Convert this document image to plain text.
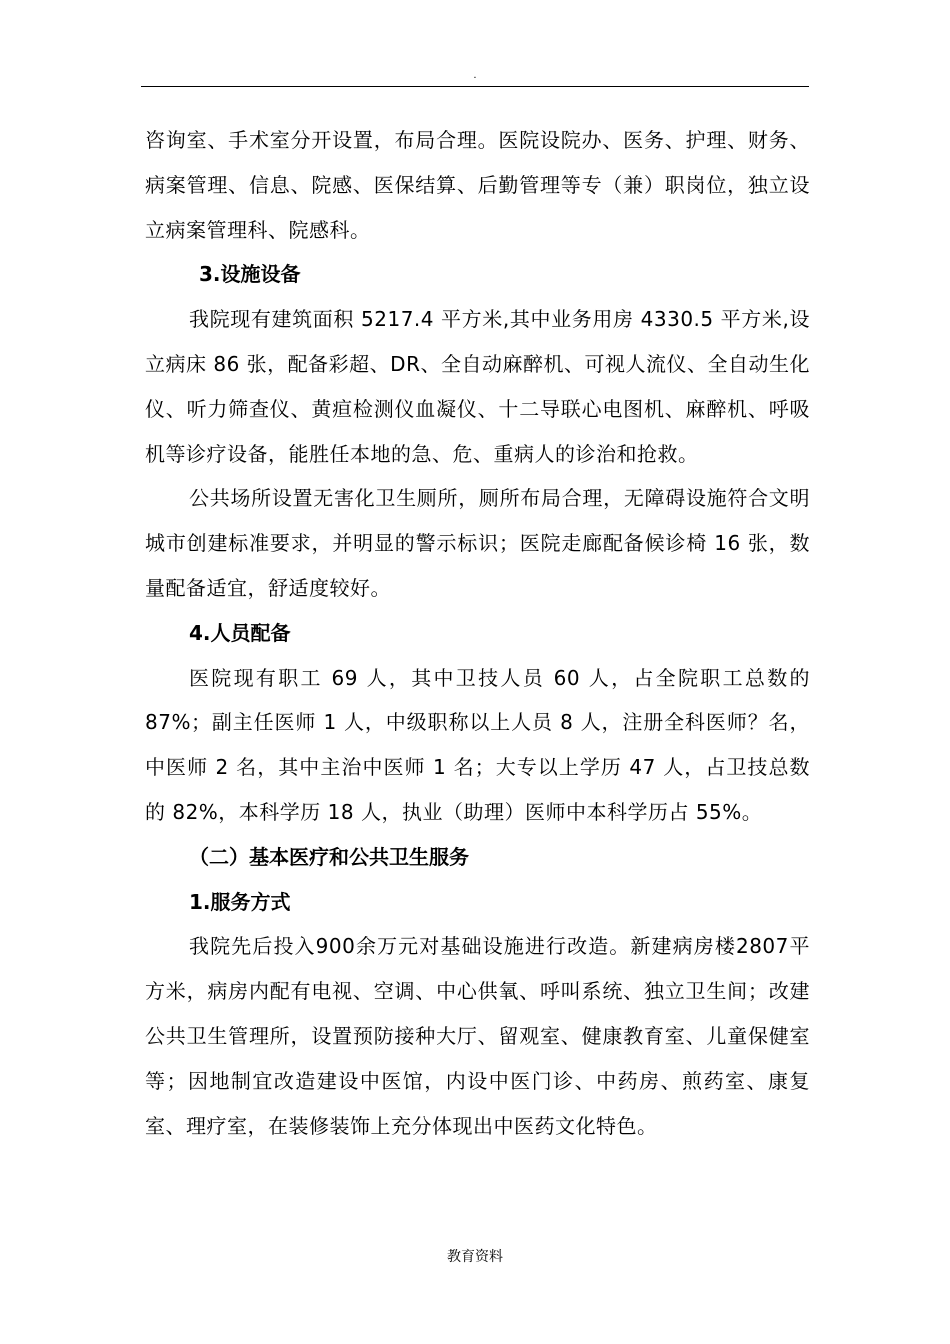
.

咨询室、手术室分开设置，布局合理。医院设院办、医务、护理、财务、病案管理、信息、院感、医保结算、后勤管理等专（兼）职岗位，独立设立病案管理科、院感科。

3.设施设备

我院现有建筑面积 5217.4 平方米,其中业务用房 4330.5 平方米,设立病床 86 张，配备彩超、DR、全自动麻醉机、可视人流仪、全自动生化仪、听力筛查仪、黄疸检测仪血凝仪、十二导联心电图机、麻醉机、呼吸机等诊疗设备，能胜任本地的急、危、重病人的诊治和抢救。

公共场所设置无害化卫生厕所，厕所布局合理，无障碍设施符合文明城市创建标准要求，并明显的警示标识；医院走廊配备候诊椅 16 张，数量配备适宜，舒适度较好。

4.人员配备

医院现有职工 69 人，其中卫技人员 60 人，占全院职工总数的 87%；副主任医师 1 人，中级职称以上人员 8 人，注册全科医师？名，中医师 2 名，其中主治中医师 1 名；大专以上学历 47 人，占卫技总数的 82%，本科学历 18 人，执业（助理）医师中本科学历占 55%。

（二）基本医疗和公共卫生服务

1.服务方式

我院先后投入900余万元对基础设施进行改造。新建病房楼2807平方米，病房内配有电视、空调、中心供氧、呼叫系统、独立卫生间；改建公共卫生管理所，设置预防接种大厅、留观室、健康教育室、儿童保健室等；因地制宜改造建设中医馆，内设中医门诊、中药房、煎药室、康复室、理疗室，在装修装饰上充分体现出中医药文化特色。

教育资料
